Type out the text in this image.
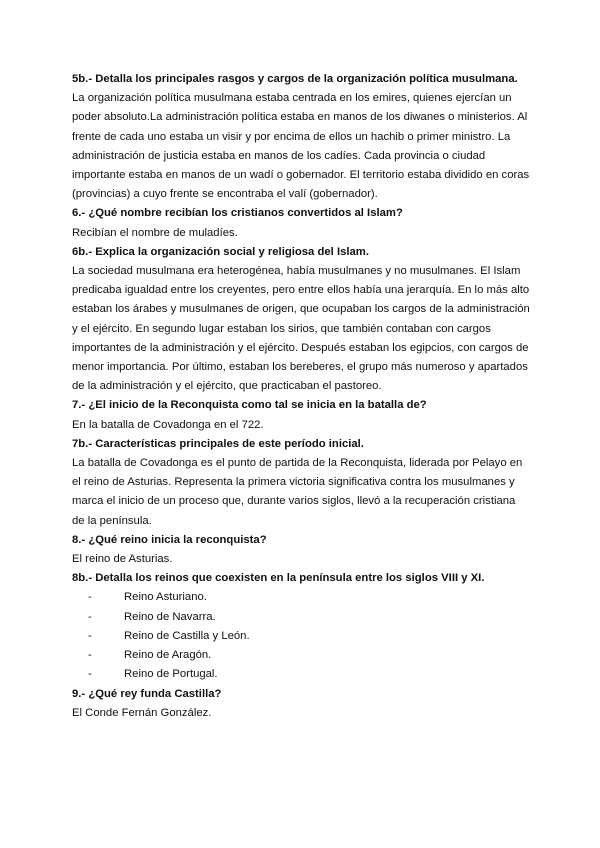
5b.- Detalla los principales rasgos y cargos de la organización política musulmana.

La organización política musulmana estaba centrada en los emires, quienes ejercían un poder absoluto.La administración política estaba en manos de los diwanes o ministerios. Al frente de cada uno estaba un visir y por encima de ellos un hachib o primer ministro. La administración de justicia estaba en manos de los cadíes. Cada provincia o ciudad importante estaba en manos de un wadí o gobernador. El territorio estaba dividido en coras (provincias) a cuyo frente se encontraba el valí (gobernador).

6.- ¿Qué nombre recibían los cristianos convertidos al Islam?

Recibían el nombre de muladíes.

6b.- Explica la organización social y religiosa del Islam.

La sociedad musulmana era heterogénea, había musulmanes y no musulmanes. El Islam predicaba igualdad entre los creyentes, pero entre ellos había una jerarquía. En lo más alto estaban los árabes y musulmanes de origen, que ocupaban los cargos de la administración y el ejército. En segundo lugar estaban los sirios, que también contaban con cargos importantes de la administración y el ejército. Después estaban los egipcios, con cargos de menor importancia. Por último, estaban los bereberes, el grupo más numeroso y apartados de la administración y el ejército, que practicaban el pastoreo.

7.- ¿El inicio de la Reconquista como tal se inicia en la batalla de?

En la batalla de Covadonga en el 722.

7b.- Características principales de este período inicial.

La batalla de Covadonga es el punto de partida de la Reconquista, liderada por Pelayo en el reino de Asturias. Representa la primera victoria significativa contra los musulmanes y marca el inicio de un proceso que, durante varios siglos, llevó a la recuperación cristiana de la península.

8.- ¿Qué reino inicia la reconquista?

El reino de Asturias.

8b.- Detalla los reinos que coexisten en la península entre los siglos VIII y XI.

-	Reino Asturiano.
-	Reino de Navarra.
-	Reino de Castilla y León.
-	Reino de Aragón.
-	Reino de Portugal.

9.- ¿Qué rey funda Castilla?

El Conde Fernán González.
